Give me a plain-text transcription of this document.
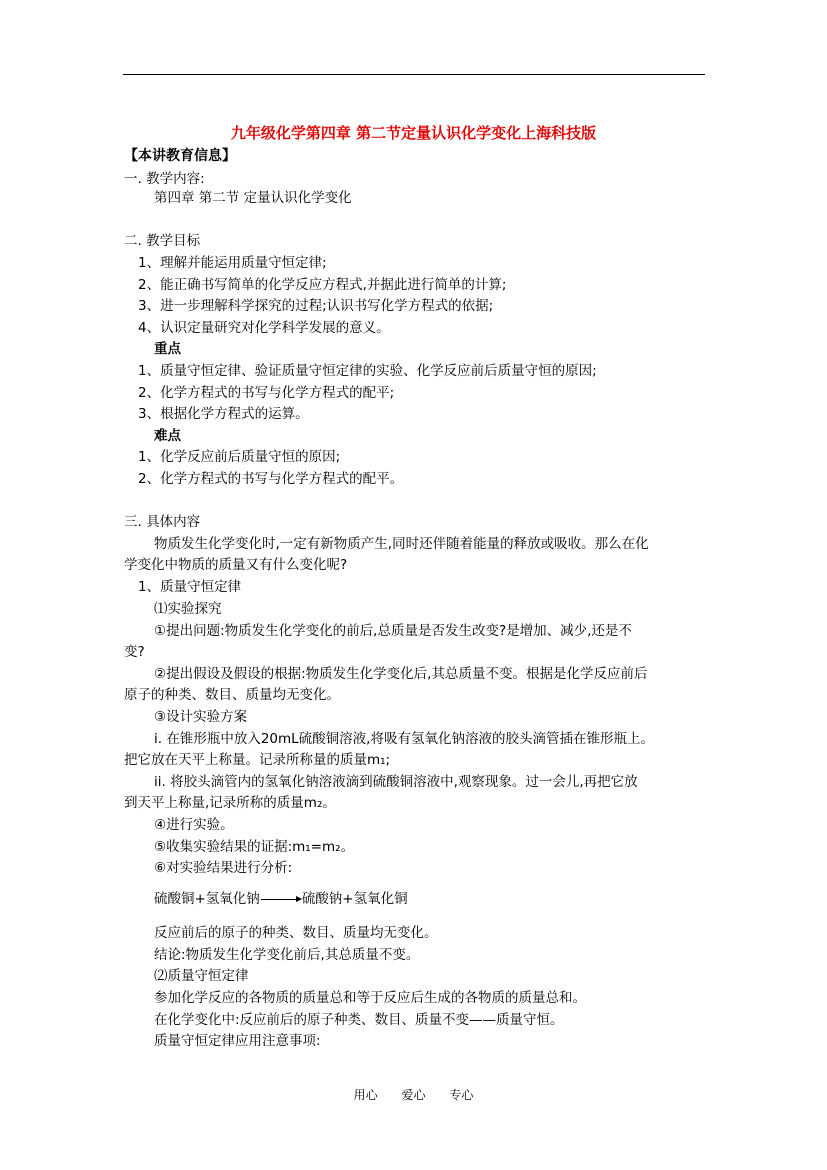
九年级化学第四章 第二节定量认识化学变化上海科技版
【本讲教育信息】
一. 教学内容:
第四章 第二节 定量认识化学变化
二. 教学目标
1、理解并能运用质量守恒定律;
2、能正确书写简单的化学反应方程式,并据此进行简单的计算;
3、进一步理解科学探究的过程;认识书写化学方程式的依据;
4、认识定量研究对化学科学发展的意义。
重点
1、质量守恒定律、验证质量守恒定律的实验、化学反应前后质量守恒的原因;
2、化学方程式的书写与化学方程式的配平;
3、根据化学方程式的运算。
难点
1、化学反应前后质量守恒的原因;
2、化学方程式的书写与化学方程式的配平。
三. 具体内容
物质发生化学变化时,一定有新物质产生,同时还伴随着能量的释放或吸收。那么在化
学变化中物质的质量又有什么变化呢?
1、质量守恒定律
⑴实验探究
①提出问题:物质发生化学变化的前后,总质量是否发生改变?是增加、减少,还是不
变?
②提出假设及假设的根据:物质发生化学变化后,其总质量不变。根据是化学反应前后
原子的种类、数目、质量均无变化。
③设计实验方案
i. 在锥形瓶中放入20mL硫酸铜溶液,将吸有氢氧化钠溶液的胶头滴管插在锥形瓶上。
把它放在天平上称量。记录所称量的质量m₁;
ii. 将胶头滴管内的氢氧化钠溶液滴到硫酸铜溶液中,观察现象。过一会儿,再把它放
到天平上称量,记录所称的质量m₂。
④进行实验。
⑤收集实验结果的证据:m₁=m₂。
⑥对实验结果进行分析:
硫酸铜+氢氧化钠→硫酸钠+氢氧化铜
反应前后的原子的种类、数目、质量均无变化。
结论:物质发生化学变化前后,其总质量不变。
⑵质量守恒定律
参加化学反应的各物质的质量总和等于反应后生成的各物质的质量总和。
在化学变化中:反应前后的原子种类、数目、质量不变——质量守恒。
质量守恒定律应用注意事项:
用心 爱心 专心
